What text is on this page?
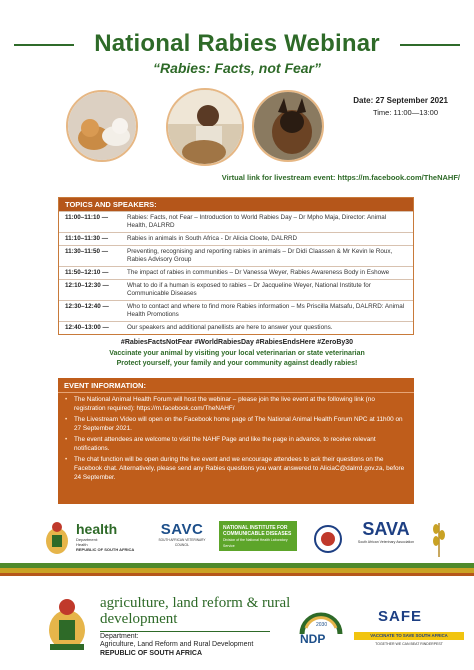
National Rabies Webinar
“Rabies: Facts, not Fear”
Date: 27 September 2021
Time: 11:00—13:00
Virtual link for livestream event: https://m.facebook.com/TheNAHF/
TOPICS AND SPEAKERS:
11:00–11:10 —	Rabies: Facts, not Fear – Introduction to World Rabies Day – Dr Mpho Maja, Director: Animal Health, DALRRD
11:10–11:30 —	Rabies in animals in South Africa - Dr Alicia Cloete, DALRRD
11:30–11:50 —	Preventing, recognising and reporting rabies in animals – Dr Didi Claassen & Mr Kevin le Roux, Rabies Advisory Group
11:50–12:10 —	The impact of rabies in communities – Dr Vanessa Weyer, Rabies Awareness Body in Eshowe
12:10–12:30 —	What to do if a human is exposed to rabies – Dr Jacqueline Weyer, National Institute for Communicable Diseases
12:30–12:40 —	Who to contact and where to find more Rabies information – Ms Priscilla Matsafu, DALRRD: Animal Health Promotions
12:40–13:00 —	Our speakers and additional panellists are here to answer your questions.
#RabiesFactsNotFear #WorldRabiesDay #RabiesEndsHere #ZeroBy30
Vaccinate your animal by visiting your local veterinarian or state veterinarian
Protect yourself, your family and your community against deadly rabies!
EVENT INFORMATION:
• The National Animal Health Forum will host the webinar – please join the live event at the following link (no registration required): https://m.facebook.com/TheNAHF/
• The Livestream Video will open on the Facebook home page of The National Animal Health Forum NPC at 11h00 on 27 September 2021.
• The event attendees are welcome to visit the NAHF Page and like the page in advance, to receive relevant notifications.
• The chat function will be open during the live event and we encourage attendees to ask their questions on the Facebook chat. Alternatively, please send any Rabies questions you want answered to AliciaC@dalrrd.gov.za, before 24 September.
health
Department:
Health
REPUBLIC OF SOUTH AFRICA
SAVC
SOUTH AFRICAN VETERINARY COUNCIL
NATIONAL INSTITUTE FOR COMMUNICABLE DISEASES
Division of the National Health Laboratory Service
SAVA
South African Veterinary Association
agriculture, land reform & rural development
Department:
Agriculture, Land Reform and Rural Development
REPUBLIC OF SOUTH AFRICA
2030
NDP
SAFE
VACCINATE TO SAVE SOUTH AFRICA
TOGETHER WE CAN BEAT RINDERPEST
